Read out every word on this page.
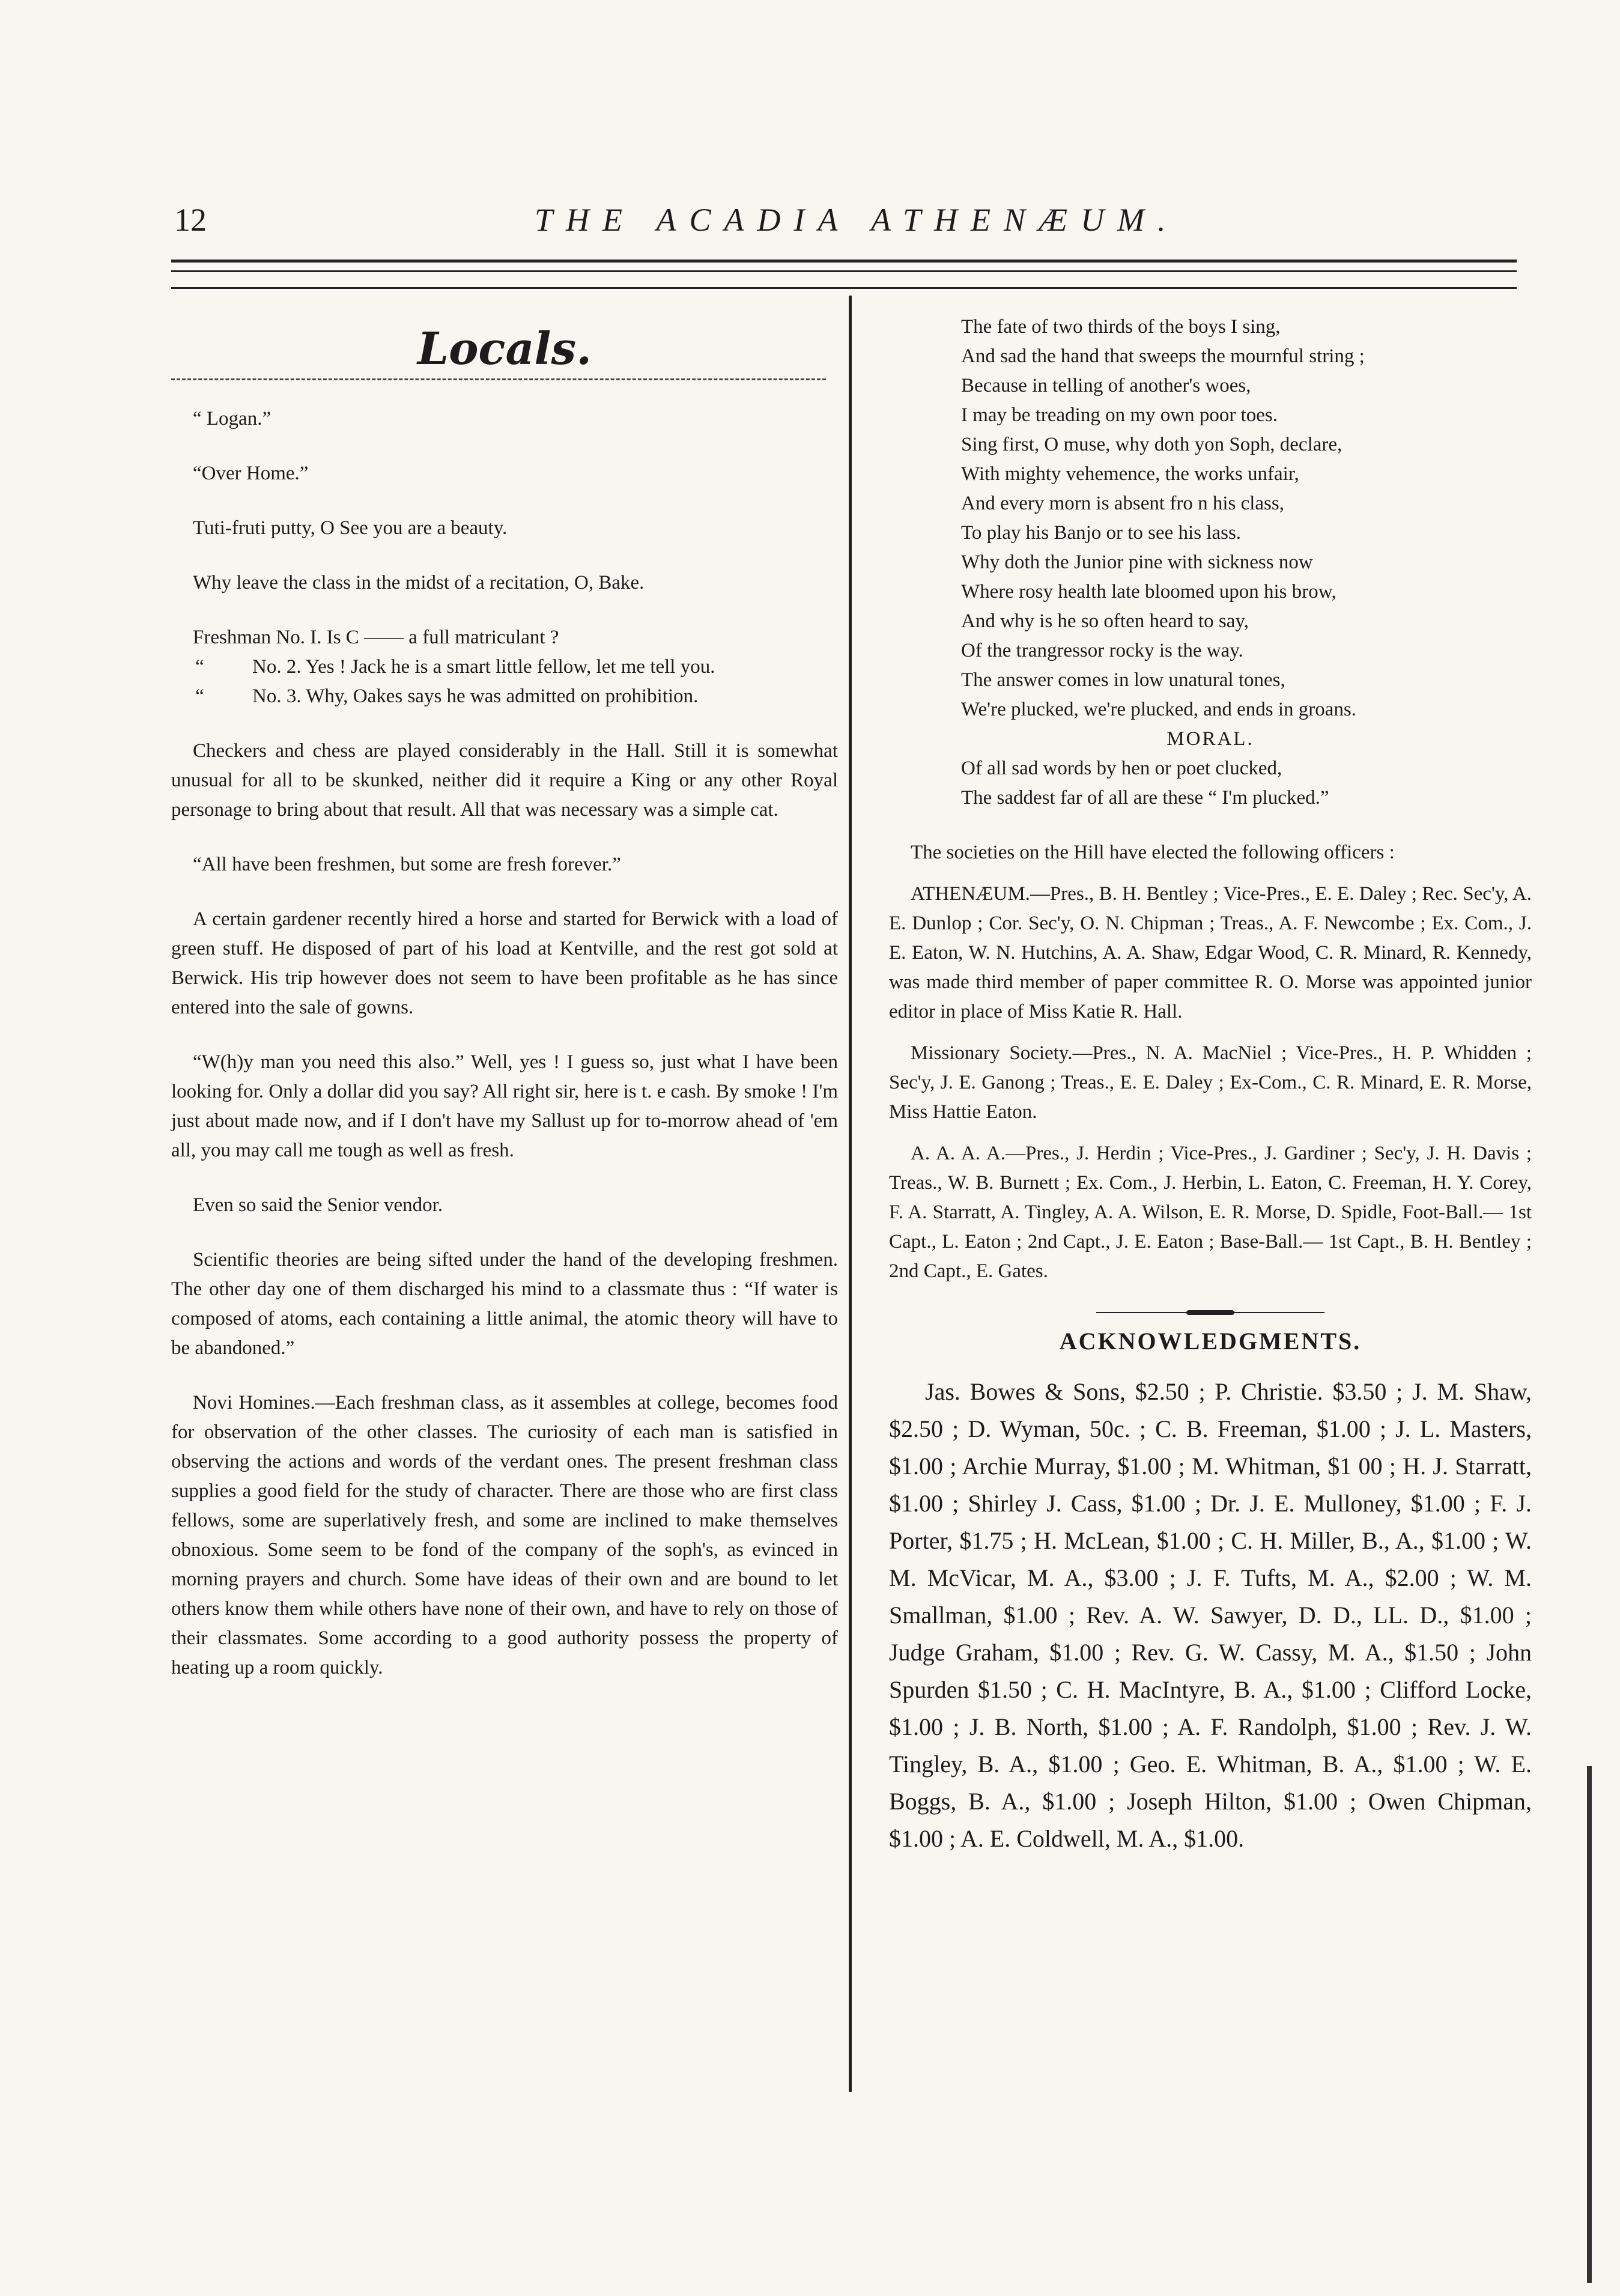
12	THE ACADIA ATHENÆUM.
Locals.

“ Logan.”

“Over Home.”

Tuti-fruti putty, O See you are a beauty.

Why leave the class in the midst of a recitation, O, Bake.

Freshman No. I. Is C —— a full matriculant ?

“	No. 2. Yes ! Jack he is a smart little fellow, let me tell you.
“	No. 3. Why, Oakes says he was admitted on prohibition.

Checkers and chess are played considerably in the Hall. Still it is somewhat unusual for all to be skunked, neither did it require a King or any other Royal personage to bring about that result. All that was necessary was a simple cat.

“All have been freshmen, but some are fresh forever.”

A certain gardener recently hired a horse and started for Berwick with a load of green stuff. He disposed of part of his load at Kentville, and the rest got sold at Berwick. His trip however does not seem to have been profitable as he has since entered into the sale of gowns.

“W(h)y man you need this also.” Well, yes ! I guess so, just what I have been looking for. Only a dollar did you say? All right sir, here is t. e cash. By smoke ! I'm just about made now, and if I don't have my Sallust up for to-morrow ahead of 'em all, you may call me tough as well as fresh.

Even so said the Senior vendor.

Scientific theories are being sifted under the hand of the developing freshmen. The other day one of them discharged his mind to a classmate thus : “If water is composed of atoms, each containing a little animal, the atomic theory will have to be abandoned.”

Novi Homines.—Each freshman class, as it assembles at college, becomes food for observation of the other classes. The curiosity of each man is satisfied in observing the actions and words of the verdant ones. The present freshman class supplies a good field for the study of character. There are those who are first class fellows, some are superlatively fresh, and some are inclined to make themselves obnoxious. Some seem to be fond of the company of the soph's, as evinced in morning prayers and church. Some have ideas of their own and are bound to let others know them while others have none of their own, and have to rely on those of their classmates. Some according to a good authority possess the property of heating up a room quickly.

The fate of two thirds of the boys I sing,

And sad the hand that sweeps the mournful string ;

Because in telling of another's woes,

I may be treading on my own poor toes.

Sing first, O muse, why doth yon Soph, declare,

With mighty vehemence, the works unfair,

And every morn is absent fro n his class,

To play his Banjo or to see his lass.

Why doth the Junior pine with sickness now

Where rosy health late bloomed upon his brow,

And why is he so often heard to say,

Of the trangressor rocky is the way.

The answer comes in low unatural tones,

We're plucked, we're plucked, and ends in groans.

MORAL.

Of all sad words by hen or poet clucked,

The saddest far of all are these “ I'm plucked.”

The societies on the Hill have elected the following officers :

ATHENÆUM.—Pres., B. H. Bentley ; Vice-Pres., E. E. Daley ; Rec. Sec'y, A. E. Dunlop ; Cor. Sec'y, O. N. Chipman ; Treas., A. F. Newcombe ; Ex. Com., J. E. Eaton, W. N. Hutchins, A. A. Shaw, Edgar Wood, C. R. Minard, R. Kennedy, was made third member of paper committee R. O. Morse was appointed junior editor in place of Miss Katie R. Hall.

Missionary Society.—Pres., N. A. MacNiel ; Vice-Pres., H. P. Whidden ; Sec'y, J. E. Ganong ; Treas., E. E. Daley ; Ex-Com., C. R. Minard, E. R. Morse, Miss Hattie Eaton.

A. A. A. A.—Pres., J. Herdin ; Vice-Pres., J. Gardiner ; Sec'y, J. H. Davis ; Treas., W. B. Burnett ; Ex. Com., J. Herbin, L. Eaton, C. Freeman, H. Y. Corey, F. A. Starratt, A. Tingley, A. A. Wilson, E. R. Morse, D. Spidle, Foot-Ball.— 1st Capt., L. Eaton ; 2nd Capt., J. E. Eaton ; Base-Ball.— 1st Capt., B. H. Bentley ; 2nd Capt., E. Gates.

ACKNOWLEDGMENTS.

Jas. Bowes & Sons, $2.50 ; P. Christie. $3.50 ; J. M. Shaw, $2.50 ; D. Wyman, 50c. ; C. B. Freeman, $1.00 ; J. L. Masters, $1.00 ; Archie Murray, $1.00 ; M. Whitman, $1 00 ; H. J. Starratt, $1.00 ; Shirley J. Cass, $1.00 ; Dr. J. E. Mulloney, $1.00 ; F. J. Porter, $1.75 ; H. McLean, $1.00 ; C. H. Miller, B., A., $1.00 ; W. M. McVicar, M. A., $3.00 ; J. F. Tufts, M. A., $2.00 ; W. M. Smallman, $1.00 ; Rev. A. W. Sawyer, D. D., LL. D., $1.00 ; Judge Graham, $1.00 ; Rev. G. W. Cassy, M. A., $1.50 ; John Spurden $1.50 ; C. H. MacIntyre, B. A., $1.00 ; Clifford Locke, $1.00 ; J. B. North, $1.00 ; A. F. Randolph, $1.00 ; Rev. J. W. Tingley, B. A., $1.00 ; Geo. E. Whitman, B. A., $1.00 ; W. E. Boggs, B. A., $1.00 ; Joseph Hilton, $1.00 ; Owen Chipman, $1.00 ; A. E. Coldwell, M. A., $1.00.
